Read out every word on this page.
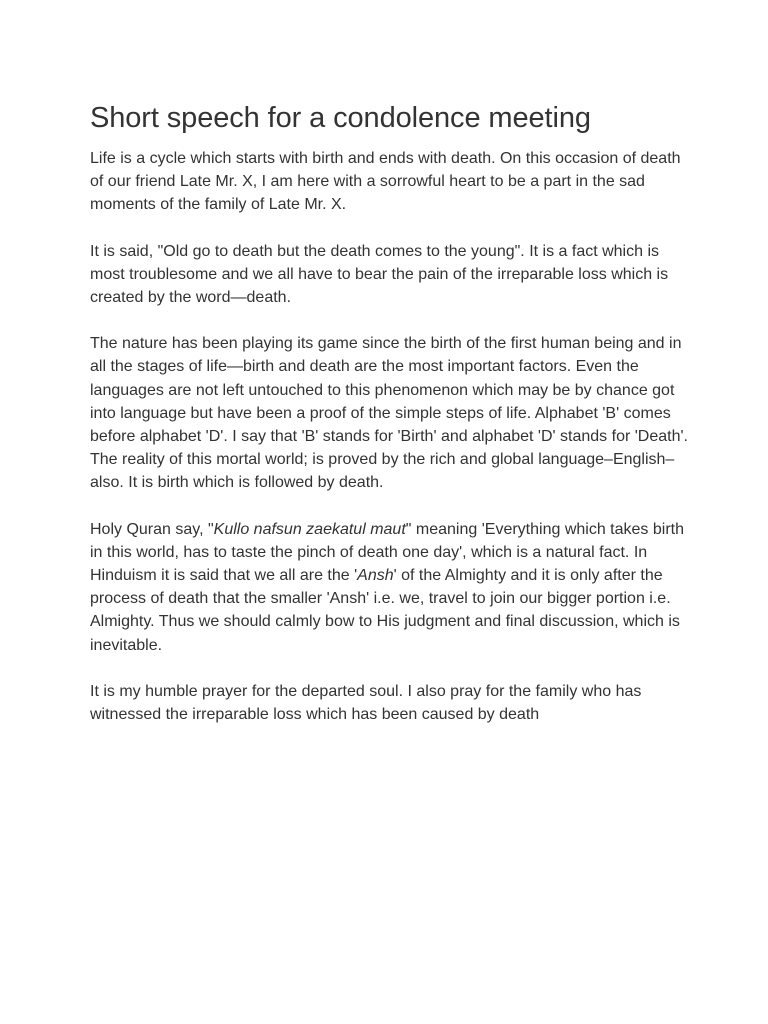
Short speech for a condolence meeting

Life is a cycle which starts with birth and ends with death. On this occasion of death of our friend Late Mr. X, I am here with a sorrowful heart to be a part in the sad moments of the family of Late Mr. X.

It is said, "Old go to death but the death comes to the young". It is a fact which is most troublesome and we all have to bear the pain of the irreparable loss which is created by the word—death.

The nature has been playing its game since the birth of the first human being and in all the stages of life—birth and death are the most important factors. Even the languages are not left untouched to this phenomenon which may be by chance got into language but have been a proof of the simple steps of life. Alphabet 'B' comes before alphabet 'D'. I say that 'B' stands for 'Birth' and alphabet 'D' stands for 'Death'. The reality of this mortal world; is proved by the rich and global language–English–also. It is birth which is followed by death.

Holy Quran say, "Kullo nafsun zaekatul maut" meaning 'Everything which takes birth in this world, has to taste the pinch of death one day', which is a natural fact. In Hinduism it is said that we all are the 'Ansh' of the Almighty and it is only after the process of death that the smaller 'Ansh' i.e. we, travel to join our bigger portion i.e. Almighty. Thus we should calmly bow to His judgment and final discussion, which is inevitable.

It is my humble prayer for the departed soul. I also pray for the family who has witnessed the irreparable loss which has been caused by death
